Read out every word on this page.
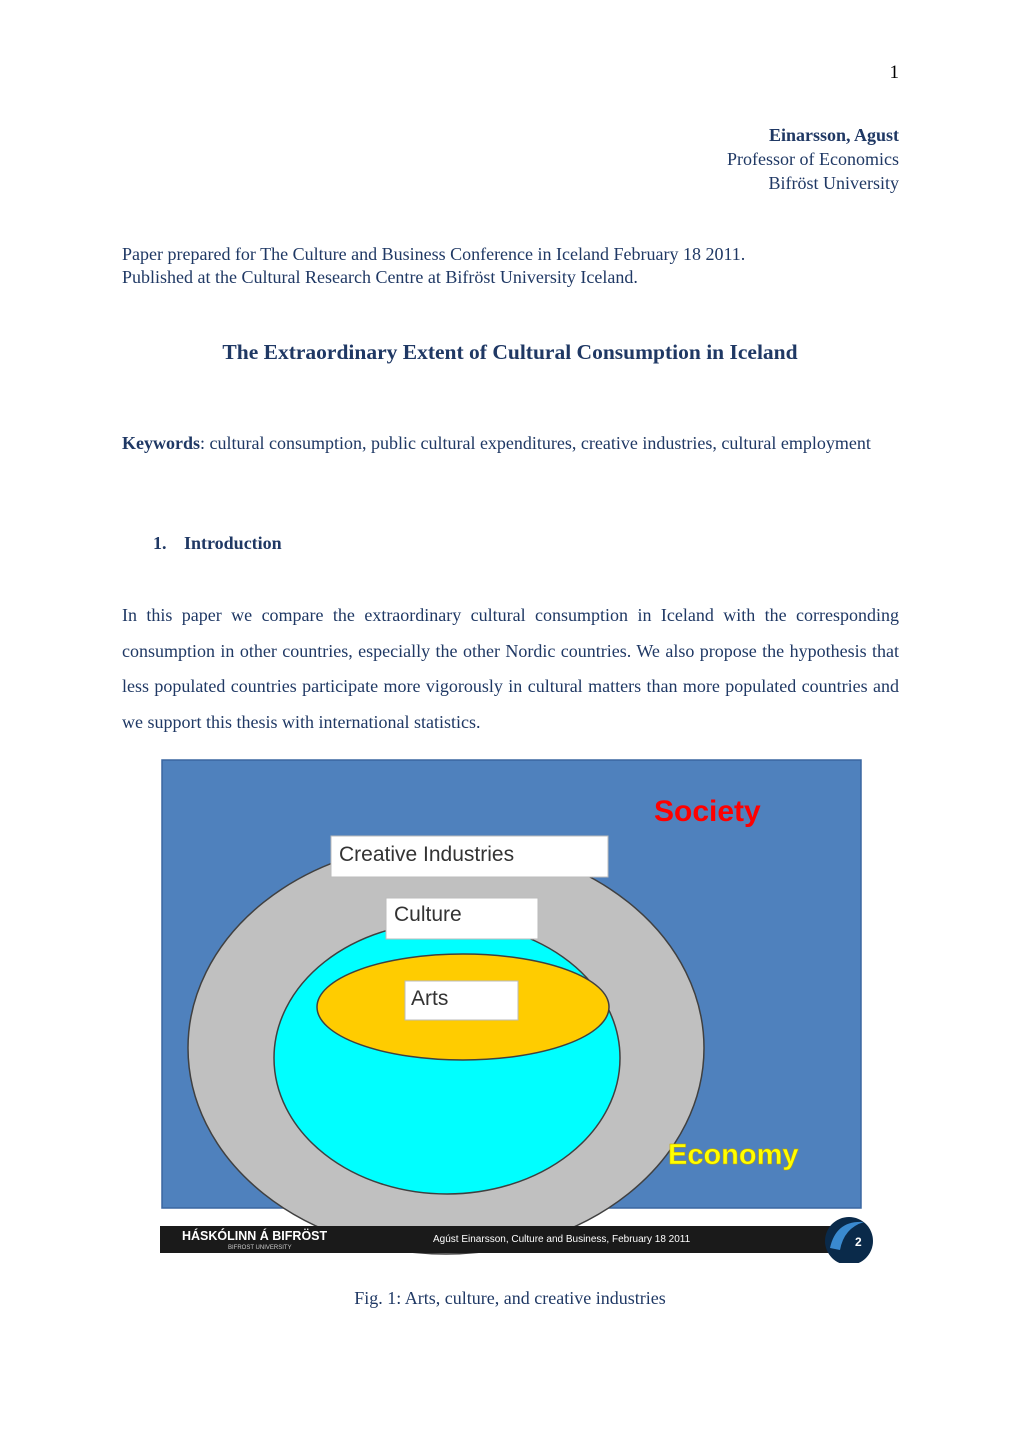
1
Einarsson, Agust
Professor of Economics
Bifröst University
Paper prepared for The Culture and Business Conference in Iceland February 18 2011.
Published at the Cultural Research Centre at Bifröst University Iceland.
The Extraordinary Extent of Cultural Consumption in Iceland
Keywords: cultural consumption, public cultural expenditures, creative industries, cultural employment
1. Introduction
In this paper we compare the extraordinary cultural consumption in Iceland with the corresponding consumption in other countries, especially the other Nordic countries. We also propose the hypothesis that less populated countries participate more vigorously in cultural matters than more populated countries and we support this thesis with international statistics.
Creative Industries
Culture
Arts
Society
Economy
HÁSKÓLINN Á BIFRÖST
BIFROST UNIVERSITY
Agúst Einarsson, Culture and Business, February 18 2011	2
Fig. 1: Arts, culture, and creative industries
